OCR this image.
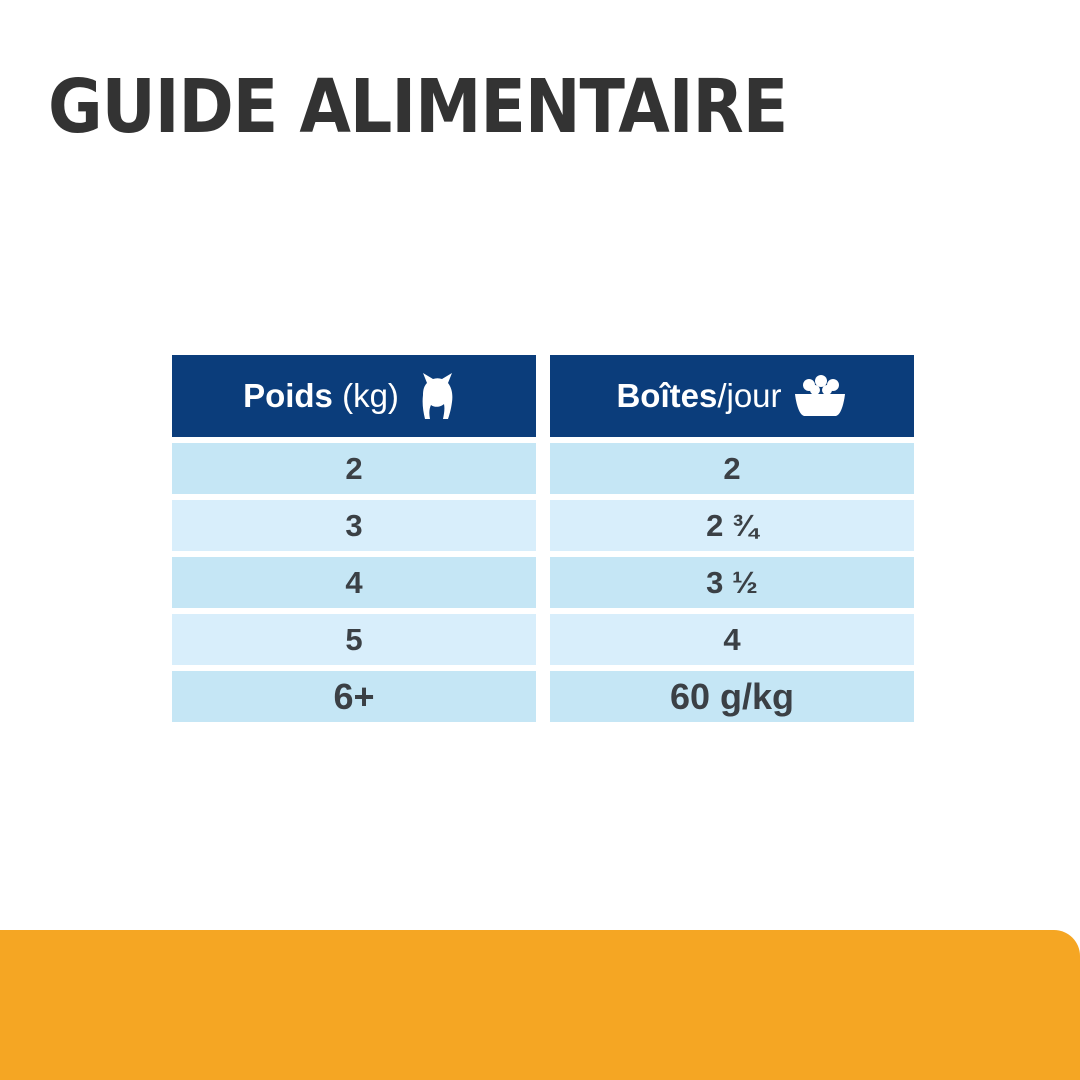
GUIDE ALIMENTAIRE
Poids (kg)
2
3
4
5
6+
Boîtes/jour
2
2 ¾
3 ½
4
60 g/kg
